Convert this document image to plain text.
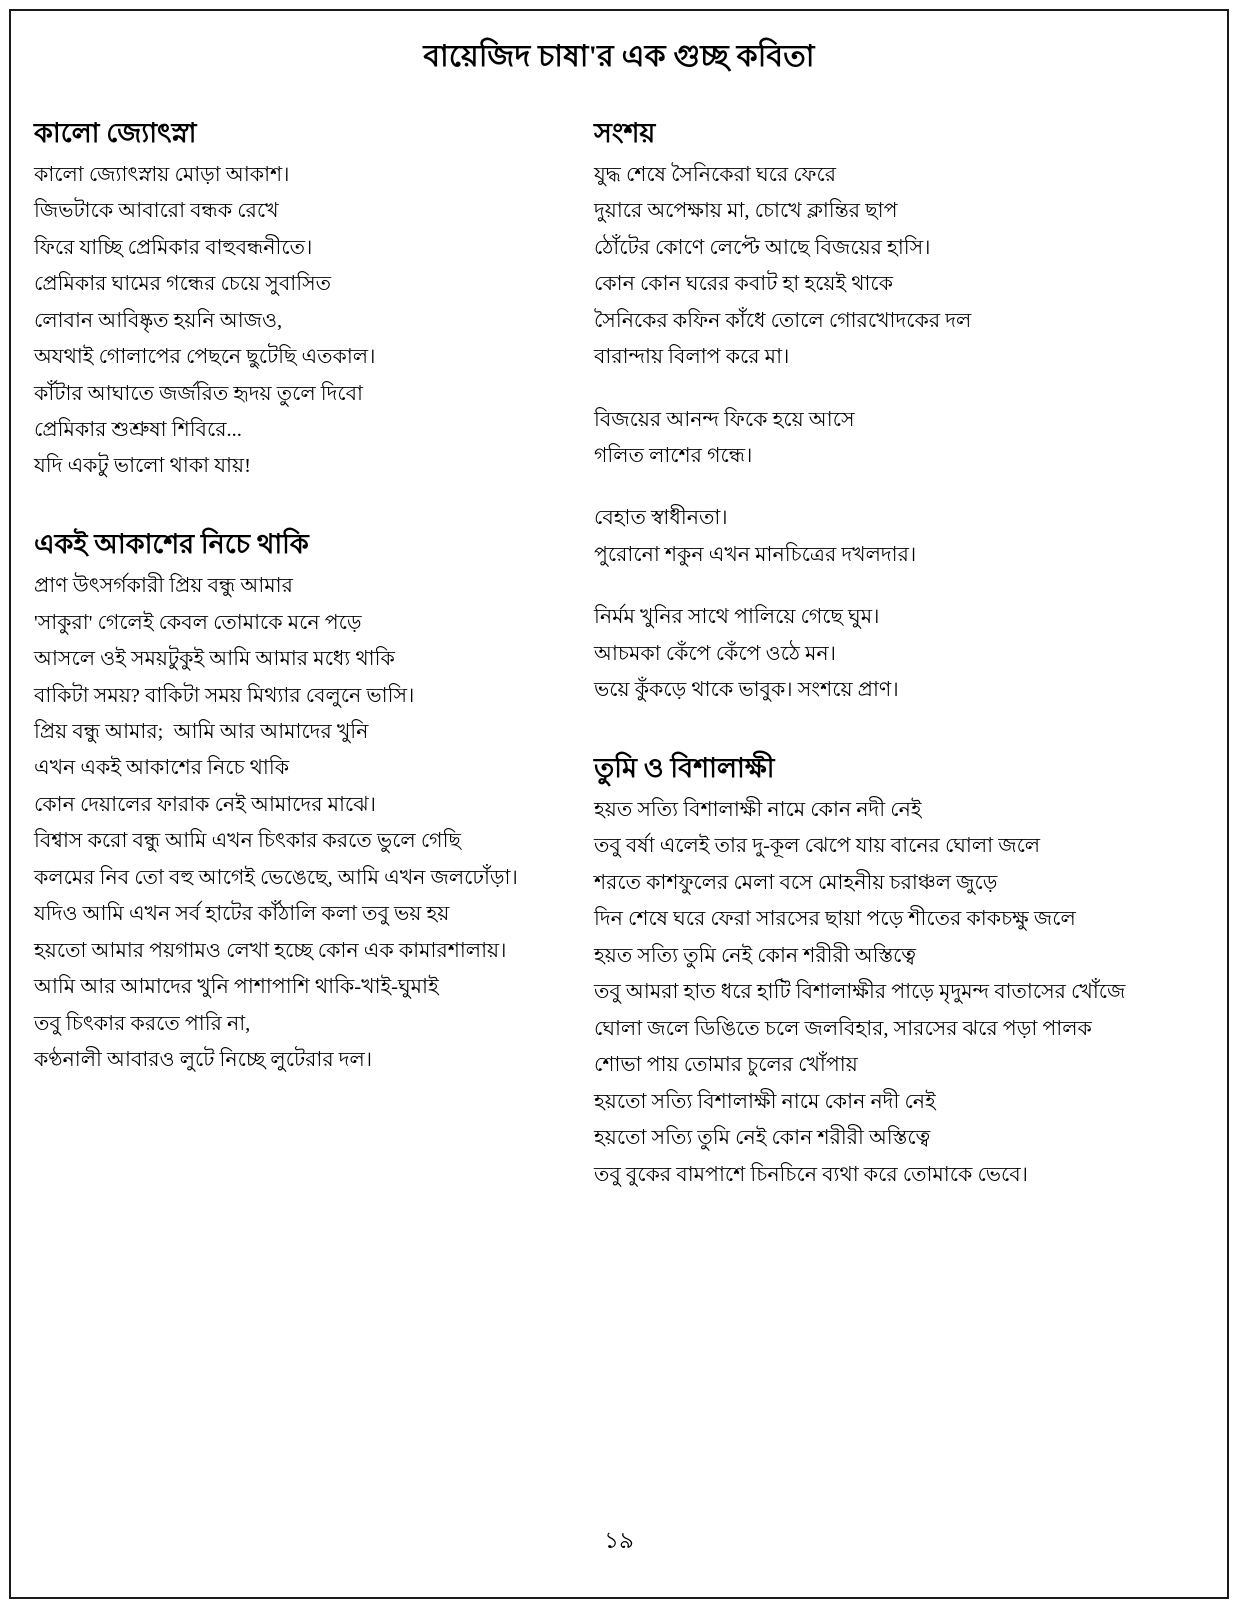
বায়েজিদ চাষা'র এক গুচ্ছ কবিতা
কালো জ্যোৎস্না

কালো জ্যোৎস্নায় মোড়া আকাশ।

জিভটাকে আবারো বন্ধক রেখে

ফিরে যাচ্ছি প্রেমিকার বাহুবন্ধনীতে।

প্রেমিকার ঘামের গন্ধের চেয়ে সুবাসিত

লোবান আবিষ্কৃত হয়নি আজও,

অযথাই গোলাপের পেছনে ছুটেছি এতকাল।

কাঁটার আঘাতে জর্জরিত হৃদয় তুলে দিবো

প্রেমিকার শুশ্রুষা শিবিরে...

যদি একটু ভালো থাকা যায়!

একই আকাশের নিচে থাকি

প্রাণ উৎসর্গকারী প্রিয় বন্ধু আমার

'সাকুরা' গেলেই কেবল তোমাকে মনে পড়ে

আসলে ওই সময়টুকুই আমি আমার মধ্যে থাকি

বাকিটা সময়? বাকিটা সময় মিথ্যার বেলুনে ভাসি।

প্রিয় বন্ধু আমার;  আমি আর আমাদের খুনি

এখন একই আকাশের নিচে থাকি

কোন দেয়ালের ফারাক নেই আমাদের মাঝে।

বিশ্বাস করো বন্ধু আমি এখন চিৎকার করতে ভুলে গেছি

কলমের নিব তো বহু আগেই ভেঙেছে, আমি এখন জলঢোঁড়া।

যদিও আমি এখন সর্ব হাটের কাঁঠালি কলা তবু ভয় হয়

হয়তো আমার পয়গামও লেখা হচ্ছে কোন এক কামারশালায়।

আমি আর আমাদের খুনি পাশাপাশি থাকি-খাই-ঘুমাই

তবু চিৎকার করতে পারি না,

কণ্ঠনালী আবারও লুটে নিচ্ছে লুটেরার দল।

সংশয়

যুদ্ধ শেষে সৈনিকেরা ঘরে ফেরে

দুয়ারে অপেক্ষায় মা, চোখে ক্লান্তির ছাপ

ঠোঁটের কোণে লেপ্টে আছে বিজয়ের হাসি।

কোন কোন ঘরের কবাট হা হয়েই থাকে

সৈনিকের কফিন কাঁধে তোলে গোরখোদকের দল

বারান্দায় বিলাপ করে মা।

বিজয়ের আনন্দ ফিকে হয়ে আসে

গলিত লাশের গন্ধে।

বেহাত স্বাধীনতা।

পুরোনো শকুন এখন মানচিত্রের দখলদার।

নির্মম খুনির সাথে পালিয়ে গেছে ঘুম।

আচমকা কেঁপে কেঁপে ওঠে মন।

ভয়ে কুঁকড়ে থাকে ভাবুক। সংশয়ে প্রাণ।

তুমি ও বিশালাক্ষী

হয়ত সত্যি বিশালাক্ষী নামে কোন নদী নেই

তবু বর্ষা এলেই তার দু-কূল ঝেপে যায় বানের ঘোলা জলে

শরতে কাশফুলের মেলা বসে মোহনীয় চরাঞ্চল জুড়ে

দিন শেষে ঘরে ফেরা সারসের ছায়া পড়ে শীতের কাকচক্ষু জলে

হয়ত সত্যি তুমি নেই কোন শরীরী অস্তিত্বে

তবু আমরা হাত ধরে হাটি বিশালাক্ষীর পাড়ে মৃদুমন্দ বাতাসের খোঁজে

ঘোলা জলে ডিঙিতে চলে জলবিহার, সারসের ঝরে পড়া পালক

শোভা পায় তোমার চুলের খোঁপায়

হয়তো সত্যি বিশালাক্ষী নামে কোন নদী নেই

হয়তো সত্যি তুমি নেই কোন শরীরী অস্তিত্বে

তবু বুকের বামপাশে চিনচিনে ব্যথা করে তোমাকে ভেবে।

১৯
